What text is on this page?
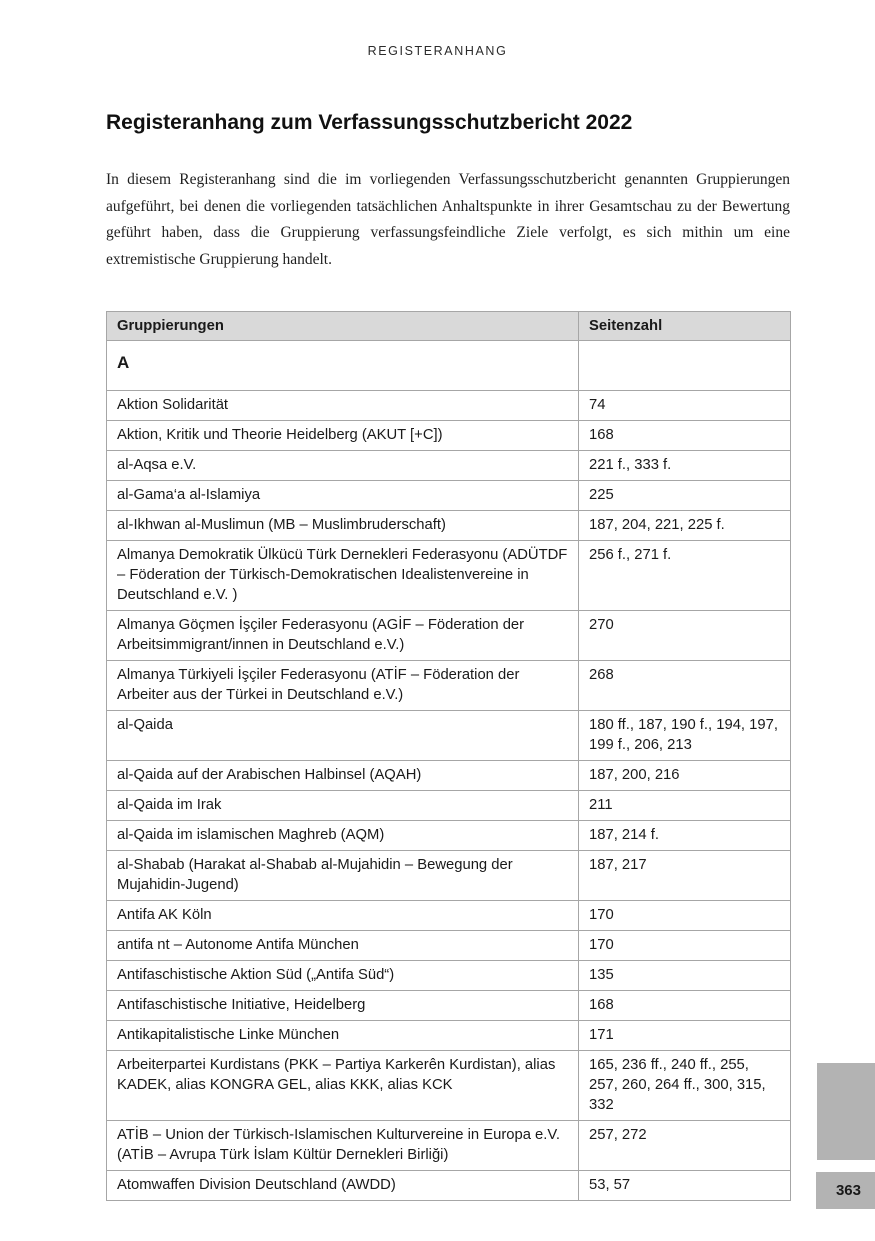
REGISTERANHANG
Registeranhang zum Verfassungsschutzbericht 2022

In diesem Registeranhang sind die im vorliegenden Verfassungsschutzbericht genannten Gruppierungen aufgeführt, bei denen die vorliegenden tatsächlichen Anhaltspunkte in ihrer Gesamtschau zu der Bewertung geführt haben, dass die Gruppierung verfassungsfeindliche Ziele verfolgt, es sich mithin um eine extremistische Gruppierung handelt.

Gruppierungen	Seitenzahl
A	
Aktion Solidarität	74
Aktion, Kritik und Theorie Heidelberg (AKUT [+C])	168
al-Aqsa e.V.	221 f., 333 f.
al-Gama‘a al-Islamiya	225
al-Ikhwan al-Muslimun (MB – Muslimbruderschaft)	187, 204, 221, 225 f.
Almanya Demokratik Ülkücü Türk Dernekleri Federasyonu (ADÜTDF – Föderation der Türkisch-Demokratischen Idealistenvereine in Deutschland e.V. )	256 f., 271 f.
Almanya Göçmen İşçiler Federasyonu (AGİF – Föderation der Arbeitsimmigrant/innen in Deutschland e.V.)	270
Almanya Türkiyeli İşçiler Federasyonu (ATİF – Föderation der Arbeiter aus der Türkei in Deutschland e.V.)	268
al-Qaida	180 ff., 187, 190 f., 194, 197, 199 f., 206, 213
al-Qaida auf der Arabischen Halbinsel (AQAH)	187, 200, 216
al-Qaida im Irak	211
al-Qaida im islamischen Maghreb (AQM)	187, 214 f.
al-Shabab (Harakat al-Shabab al-Mujahidin – Bewegung der Mujahidin-Jugend)	187, 217
Antifa AK Köln	170
antifa nt – Autonome Antifa München	170
Antifaschistische Aktion Süd („Antifa Süd“)	135
Antifaschistische Initiative, Heidelberg	168
Antikapitalistische Linke München	171
Arbeiterpartei Kurdistans (PKK – Partiya Karkerên Kurdistan), alias KADEK, alias KONGRA GEL, alias KKK, alias KCK	165, 236 ff., 240 ff., 255, 257, 260, 264 ff., 300, 315, 332
ATİB – Union der Türkisch-Islamischen Kulturvereine in Europa e.V. (ATİB – Avrupa Türk İslam Kültür Dernekleri Birliği)	257, 272
Atomwaffen Division Deutschland (AWDD)	53, 57	363
